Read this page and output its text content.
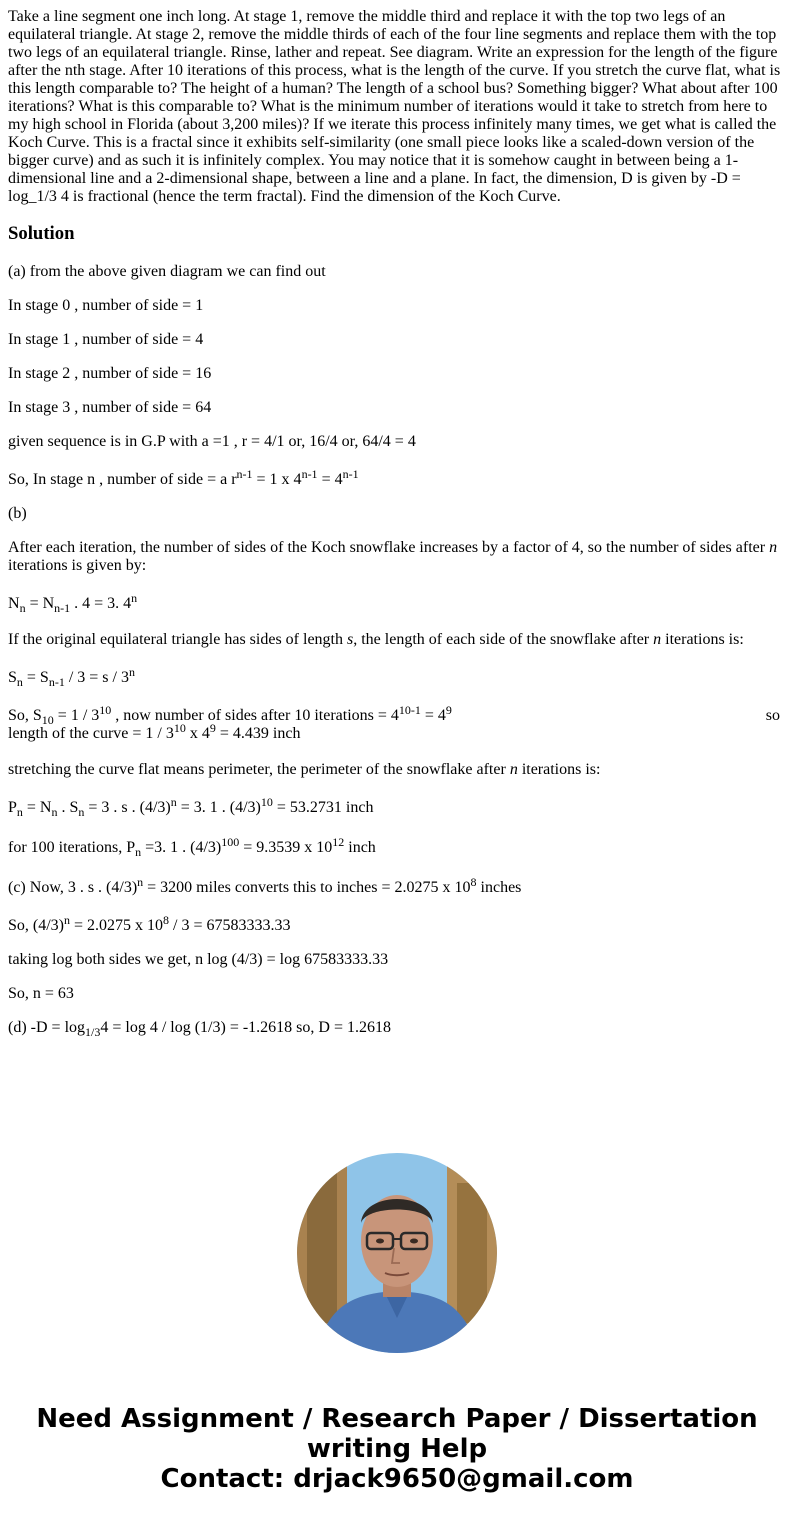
Take a line segment one inch long. At stage 1, remove the middle third and replace it with the top two legs of an equilateral triangle. At stage 2, remove the middle thirds of each of the four line segments and replace them with the top two legs of an equilateral triangle. Rinse, lather and repeat. See diagram. Write an expression for the length of the figure after the nth stage. After 10 iterations of this process, what is the length of the curve. If you stretch the curve flat, what is this length comparable to? The height of a human? The length of a school bus? Something bigger? What about after 100 iterations? What is this comparable to? What is the minimum number of iterations would it take to stretch from here to my high school in Florida (about 3,200 miles)? If we iterate this process infinitely many times, we get what is called the Koch Curve. This is a fractal since it exhibits self-similarity (one small piece looks like a scaled-down version of the bigger curve) and as such it is infinitely complex. You may notice that it is somehow caught in between being a 1-dimensional line and a 2-dimensional shape, between a line and a plane. In fact, the dimension, D is given by -D = log_1/3 4 is fractional (hence the term fractal). Find the dimension of the Koch Curve.

Solution

(a) from the above given diagram we can find out

In stage 0 , number of side = 1

In stage 1 , number of side = 4

In stage 2 , number of side = 16

In stage 3 , number of side = 64

given sequence is in G.P with a =1 , r = 4/1 or, 16/4 or, 64/4 = 4

So, In stage n , number of side = a $r^{n-1} = 1$ x $4^{n-1} = 4^{n-1}$

(b)

After each iteration, the number of sides of the Koch snowflake increases by a factor of 4, so the number of sides after n iterations is given by:

$N_n = N_{n-1}$ . 4 = 3. 4$^n$

If the original equilateral triangle has sides of length s, the length of each side of the snowflake after n iterations is:

$S_n = S_{n-1} / 3 = s / 3^n$

so
So, $S_{10} = 1 / 3^{10}$ , now number of sides after 10 iterations = $4^{10-1} = 4^9$
length of the curve = $1 / 3^{10}$ x $4^9 = 4.439$ inch

stretching the curve flat means perimeter, the perimeter of the snowflake after n iterations is:

$P_n = N_n$ . $S_n = 3$ . s . $(4/3)^n = 3$. 1 . $(4/3)^{10} = 53.2731$ inch

for 100 iterations, $P_n =3$. 1 . $(4/3)^{100} = 9.3539$ x $10^{12}$ inch

(c) Now, 3 . s . $(4/3)^n = 3200$ miles converts this to inches = 2.0275 x $10^8$ inches

So, $(4/3)^n = 2.0275$ x $10^8 / 3 = 67583333.33$

taking log both sides we get, n log (4/3) = log 67583333.33

So, n = 63

(d) $-D = \log_{1/3}4 = \log 4 / \log (1/3) = -1.2618$ so, D = 1.2618

Need Assignment / Research Paper / Dissertation
writing Help
Contact: drjack9650@gmail.com
